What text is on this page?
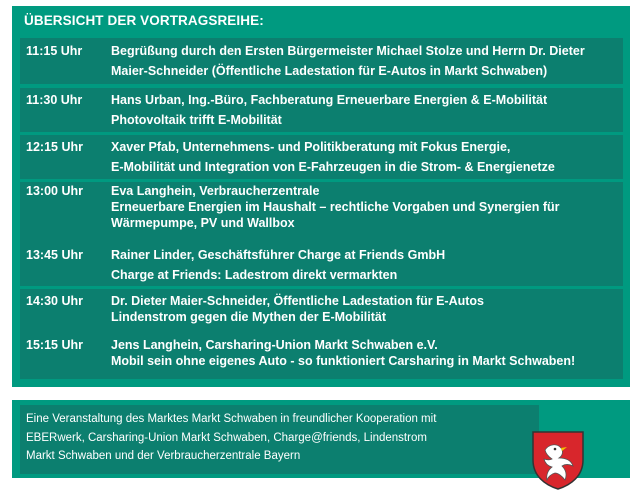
ÜBERSICHT DER VORTRAGSREIHE:
11:15 Uhr	Begrüßung durch den Ersten Bürgermeister Michael Stolze und Herrn Dr. Dieter
Maier-Schneider (Öffentliche Ladestation für E-Autos in Markt Schwaben)
11:30 Uhr	Hans Urban, Ing.-Büro, Fachberatung Erneuerbare Energien & E-Mobilität
Photovoltaik trifft E-Mobilität
12:15 Uhr	Xaver Pfab, Unternehmens- und Politikberatung mit Fokus Energie,
E-Mobilität und Integration von E-Fahrzeugen in die Strom- & Energienetze
13:00 Uhr	Eva Langhein, Verbraucherzentrale
Erneuerbare Energien im Haushalt – rechtliche Vorgaben und Synergien für
Wärmepumpe, PV und Wallbox
13:45 Uhr	Rainer Linder, Geschäftsführer Charge at Friends GmbH
Charge at Friends: Ladestrom direkt vermarkten
14:30 Uhr	Dr. Dieter Maier-Schneider, Öffentliche Ladestation für E-Autos
Lindenstrom gegen die Mythen der E-Mobilität
15:15 Uhr	Jens Langhein, Carsharing-Union Markt Schwaben e.V.
Mobil sein ohne eigenes Auto - so funktioniert Carsharing in Markt Schwaben!
Eine Veranstaltung des Marktes Markt Schwaben in freundlicher Kooperation mit
EBERwerk, Carsharing-Union Markt Schwaben, Charge@friends, Lindenstrom
Markt Schwaben und der Verbraucherzentrale Bayern
